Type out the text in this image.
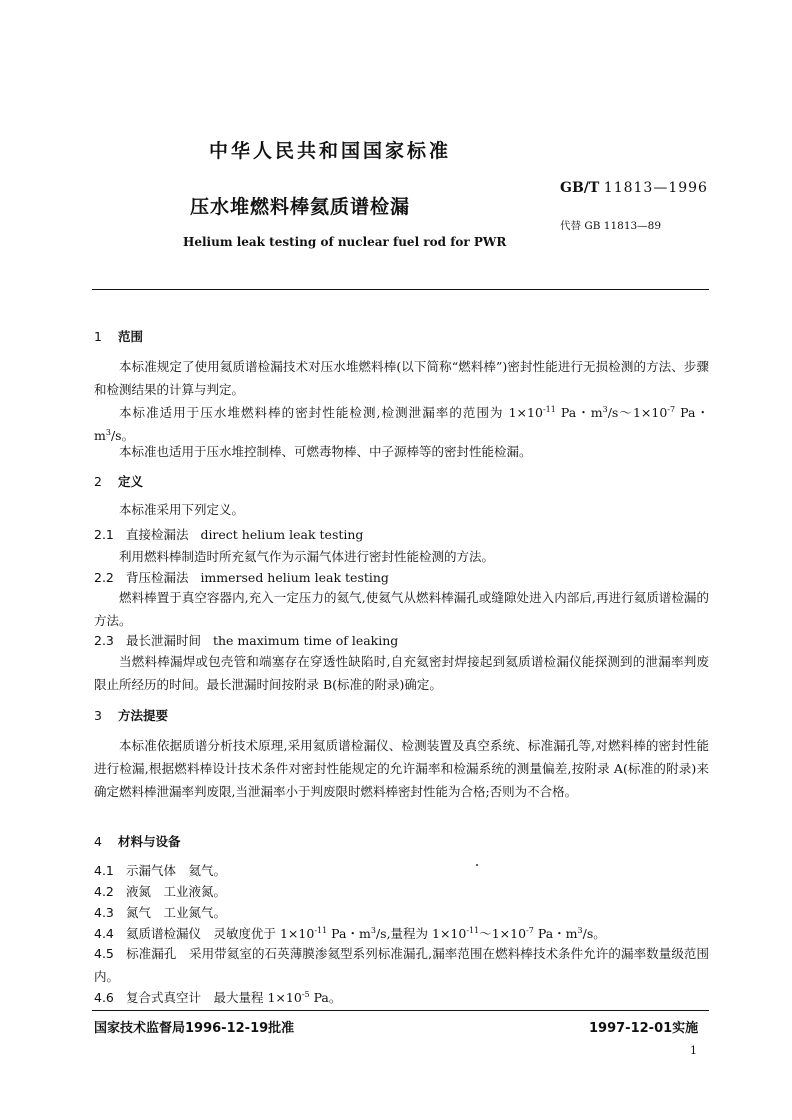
中华人民共和国国家标准
压水堆燃料棒氦质谱检漏
Helium leak testing of nuclear fuel rod for PWR
GB/T 11813—1996
代替 GB 11813—89
1 范围
本标准规定了使用氦质谱检漏技术对压水堆燃料棒(以下简称“燃料棒”)密封性能进行无损检测的方法、步骤和检测结果的计算与判定。
本标准适用于压水堆燃料棒的密封性能检测,检测泄漏率的范围为 $1\times 10^{-11}$ Pa・$m^3/s\sim 1\times 10^{-7}$ Pa・$m^3/s$。
本标准也适用于压水堆控制棒、可燃毒物棒、中子源棒等的密封性能检漏。
2 定义
本标准采用下列定义。
2.1 直接检漏法 direct helium leak testing
利用燃料棒制造时所充氦气作为示漏气体进行密封性能检测的方法。
2.2 背压检漏法 immersed helium leak testing
燃料棒置于真空容器内,充入一定压力的氦气,使氦气从燃料棒漏孔或缝隙处进入内部后,再进行氦质谱检漏的方法。
2.3 最长泄漏时间 the maximum time of leaking
当燃料棒漏焊或包壳管和端塞存在穿透性缺陷时,自充氦密封焊接起到氦质谱检漏仪能探测到的泄漏率判废限止所经历的时间。最长泄漏时间按附录 B(标准的附录)确定。
3 方法提要
本标准依据质谱分析技术原理,采用氦质谱检漏仪、检测装置及真空系统、标准漏孔等,对燃料棒的密封性能进行检漏,根据燃料棒设计技术条件对密封性能规定的允许漏率和检漏系统的测量偏差,按附录 A(标准的附录)来确定燃料棒泄漏率判废限,当泄漏率小于判废限时燃料棒密封性能为合格;否则为不合格。
4 材料与设备
4.1 示漏气体　氦气。
4.2 液氮　工业液氮。
4.3 氮气　工业氮气。
4.4 氦质谱检漏仪　灵敏度优于 $1\times 10^{-11}$ Pa・$m^3/s$,量程为 $1\times 10^{-11}\sim 1\times 10^{-7}$ Pa・$m^3/s$。
4.5 标准漏孔　采用带氦室的石英薄膜渗氦型系列标准漏孔,漏率范围在燃料棒技术条件允许的漏率数量级范围内。
4.6 复合式真空计　最大量程 $1\times 10^{-5}$ Pa。
国家技术监督局1996-12-19批准	1997-12-01实施
1
